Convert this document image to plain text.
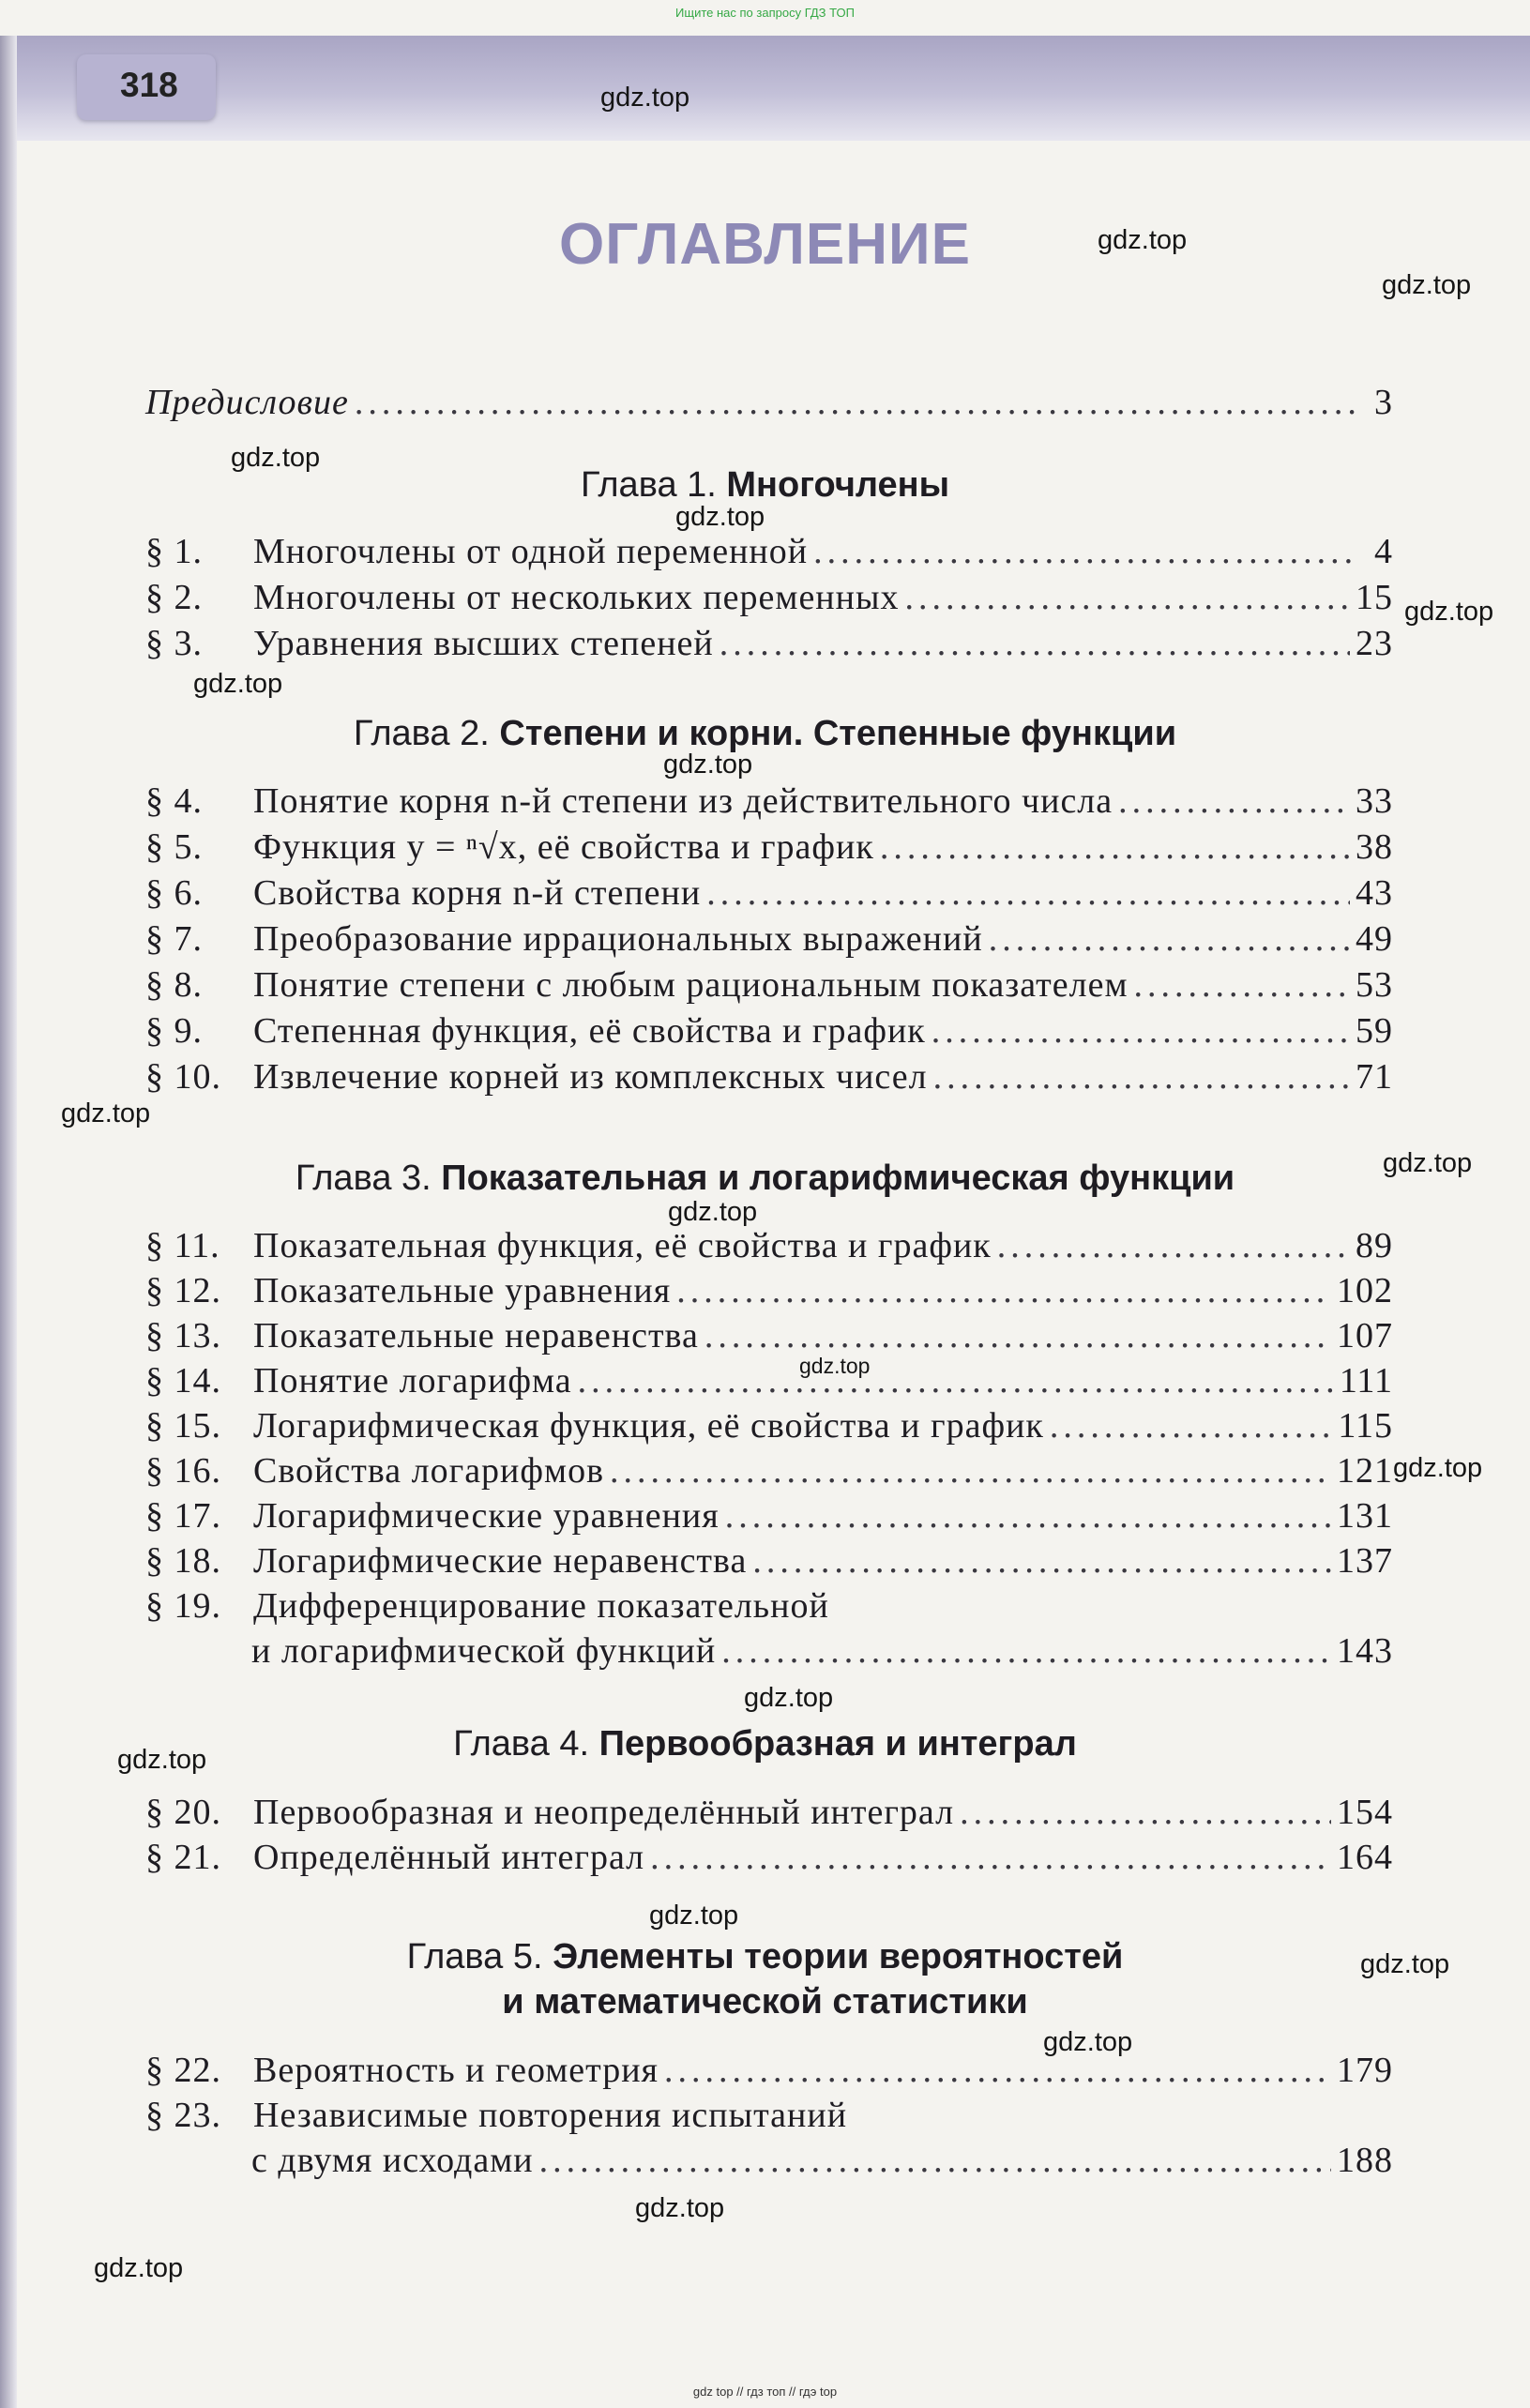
Ищите нас по запросу ГДЗ ТОП
318
ОГЛАВЛЕНИЕ
Предисловие .....	3
Глава 1. Многочлены
§ 1.	Многочлены от одной переменной .....	4
§ 2.	Многочлены от нескольких переменных .....	15
§ 3.	Уравнения высших степеней .....	23
Глава 2. Степени и корни. Степенные функции
§ 4.	Понятие корня n-й степени из действительного числа .....	33
§ 5.	Функция y = ⁿ√x, её свойства и график .....	38
§ 6.	Свойства корня n-й степени .....	43
§ 7.	Преобразование иррациональных выражений .....	49
§ 8.	Понятие степени с любым рациональным показателем .....	53
§ 9.	Степенная функция, её свойства и график .....	59
§ 10. Извлечение корней из комплексных чисел .....	71
Глава 3. Показательная и логарифмическая функции
§ 11. Показательная функция, её свойства и график .....	89
§ 12. Показательные уравнения .....	102
§ 13. Показательные неравенства .....	107
§ 14. Понятие логарифма .....	111
§ 15. Логарифмическая функция, её свойства и график .....	115
§ 16. Свойства логарифмов .....	121
§ 17. Логарифмические уравнения .....	131
§ 18. Логарифмические неравенства .....	137
§ 19. Дифференцирование показательной
и логарифмической функций .....	143
Глава 4. Первообразная и интеграл
§ 20. Первообразная и неопределённый интеграл .....	154
§ 21. Определённый интеграл .....	164
Глава 5. Элементы теории вероятностей
и математической статистики
§ 22. Вероятность и геометрия .....	179
§ 23. Независимые повторения испытаний
с двумя исходами .....	188
gdz.top
gdz.top
gdz.top
gdz.top
gdz.top
gdz.top
gdz.top
gdz.top
gdz.top
gdz.top
gdz.top
gdz.top
gdz.top
gdz.top
gdz.top
gdz.top
gdz.top
gdz.top
gdz.top
gdz.top
gdz top // гдз топ // гдэ top
